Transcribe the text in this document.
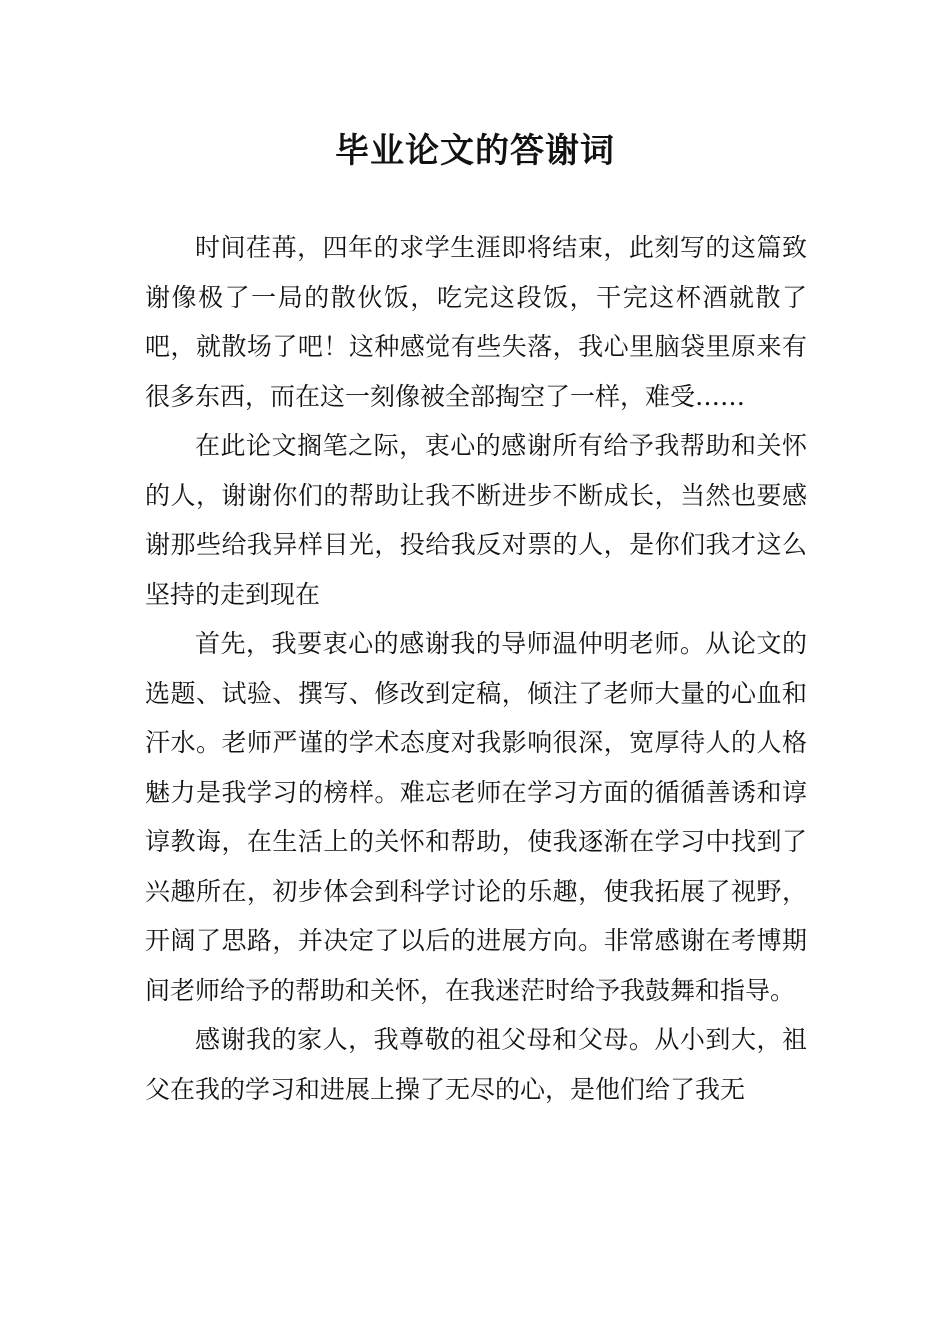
毕业论文的答谢词

时间荏苒，四年的求学生涯即将结束，此刻写的这篇致谢像极了一局的散伙饭，吃完这段饭，干完这杯酒就散了吧，就散场了吧！这种感觉有些失落，我心里脑袋里原来有很多东西，而在这一刻像被全部掏空了一样，难受……

在此论文搁笔之际，衷心的感谢所有给予我帮助和关怀的人，谢谢你们的帮助让我不断进步不断成长，当然也要感谢那些给我异样目光，投给我反对票的人，是你们我才这么坚持的走到现在

首先，我要衷心的感谢我的导师温仲明老师。从论文的选题、试验、撰写、修改到定稿，倾注了老师大量的心血和汗水。老师严谨的学术态度对我影响很深，宽厚待人的人格魅力是我学习的榜样。难忘老师在学习方面的循循善诱和谆谆教诲，在生活上的关怀和帮助，使我逐渐在学习中找到了兴趣所在，初步体会到科学讨论的乐趣，使我拓展了视野，开阔了思路，并决定了以后的进展方向。非常感谢在考博期间老师给予的帮助和关怀，在我迷茫时给予我鼓舞和指导。

感谢我的家人，我尊敬的祖父母和父母。从小到大，祖父在我的学习和进展上操了无尽的心，是他们给了我无
